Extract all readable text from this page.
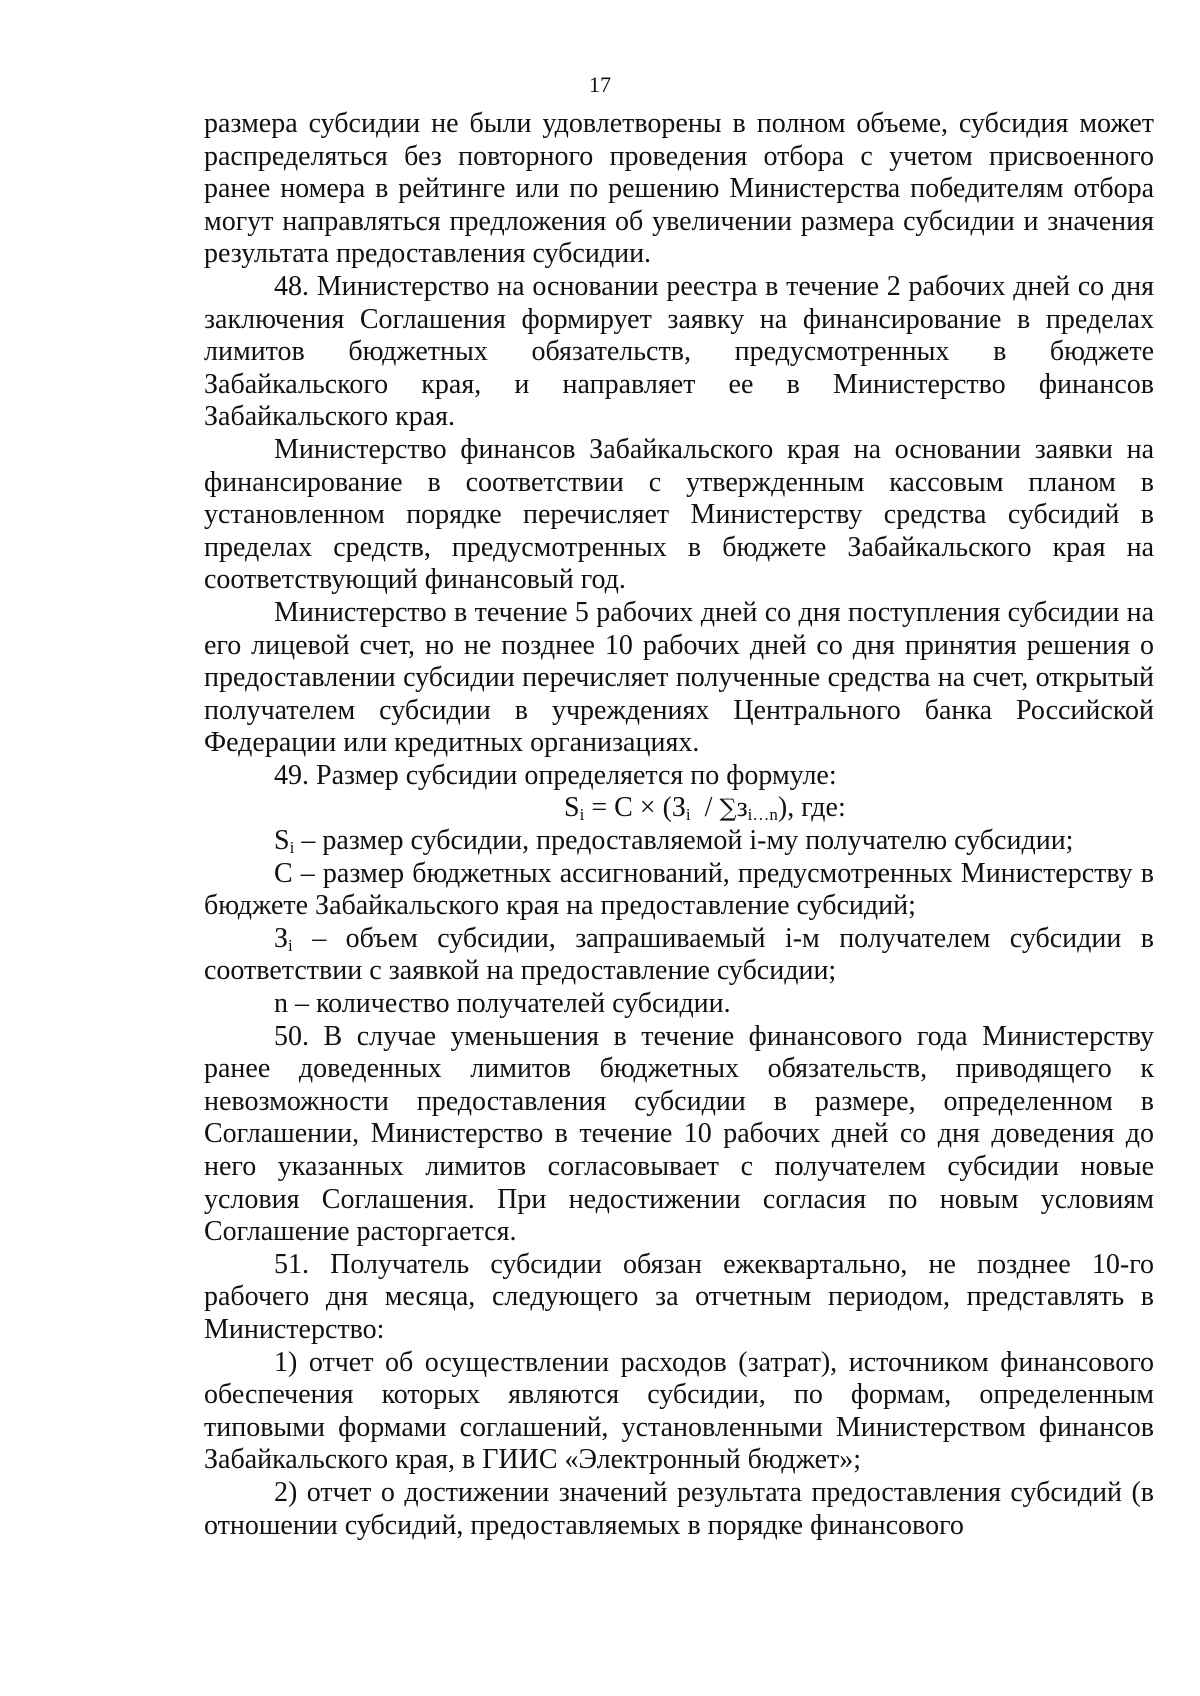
17

размера субсидии не были удовлетворены в полном объеме, субсидия может распределяться без повторного проведения отбора с учетом присвоенного ранее номера в рейтинге или по решению Министерства победителям отбора могут направляться предложения об увеличении размера субсидии и значения результата предоставления субсидии.

48. Министерство на основании реестра в течение 2 рабочих дней со дня заключения Соглашения формирует заявку на финансирование в пределах лимитов бюджетных обязательств, предусмотренных в бюджете Забайкальского края, и направляет ее в Министерство финансов Забайкальского края.

Министерство финансов Забайкальского края на основании заявки на финансирование в соответствии с утвержденным кассовым планом в установленном порядке перечисляет Министерству средства субсидий в пределах средств, предусмотренных в бюджете Забайкальского края на соответствующий финансовый год.

Министерство в течение 5 рабочих дней со дня поступления субсидии на его лицевой счет, но не позднее 10 рабочих дней со дня принятия решения о предоставлении субсидии перечисляет полученные средства на счет, открытый получателем субсидии в учреждениях Центрального банка Российской Федерации или кредитных организациях.

49. Размер субсидии определяется по формуле:

$S_i = C \times (З_i / \sum з_{i\dots n})$, где:

$S_i$ – размер субсидии, предоставляемой i-му получателю субсидии;

C – размер бюджетных ассигнований, предусмотренных Министерству в бюджете Забайкальского края на предоставление субсидий;

$З_i$ – объем субсидии, запрашиваемый i-м получателем субсидии в соответствии с заявкой на предоставление субсидии;

n – количество получателей субсидии.

50. В случае уменьшения в течение финансового года Министерству ранее доведенных лимитов бюджетных обязательств, приводящего к невозможности предоставления субсидии в размере, определенном в Соглашении, Министерство в течение 10 рабочих дней со дня доведения до него указанных лимитов согласовывает с получателем субсидии новые условия Соглашения. При недостижении согласия по новым условиям Соглашение расторгается.

51. Получатель субсидии обязан ежеквартально, не позднее 10-го рабочего дня месяца, следующего за отчетным периодом, представлять в Министерство:

1) отчет об осуществлении расходов (затрат), источником финансового обеспечения которых являются субсидии, по формам, определенным типовыми формами соглашений, установленными Министерством финансов Забайкальского края, в ГИИС «Электронный бюджет»;

2) отчет о достижении значений результата предоставления субсидий (в отношении субсидий, предоставляемых в порядке финансового
